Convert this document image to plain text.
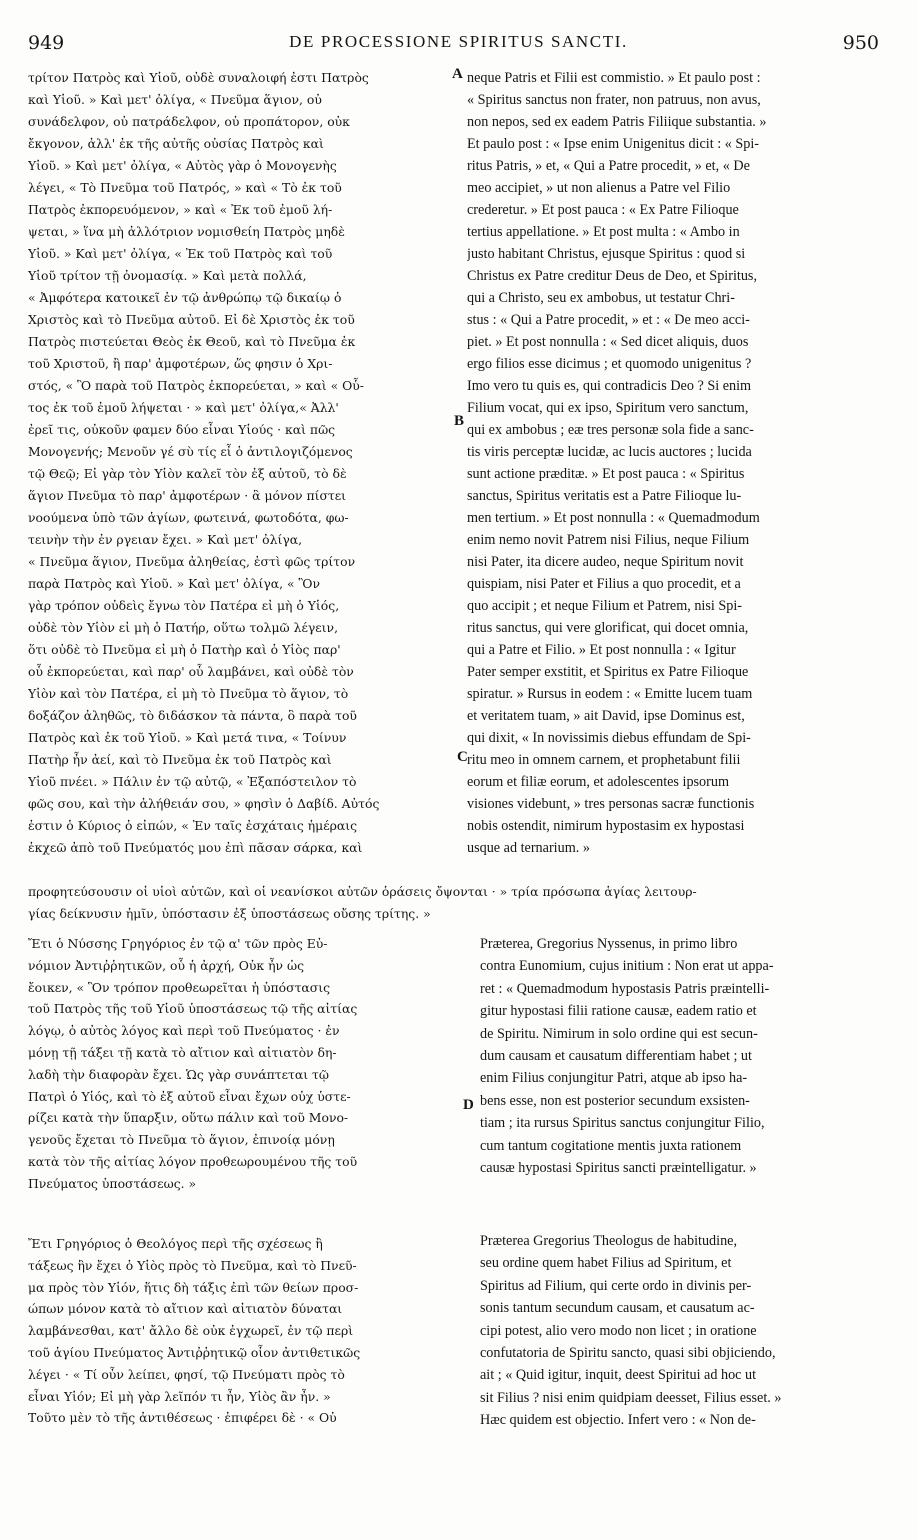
949	DE PROCESSIONE SPIRITUS SANCTI.	950
τρίτον Πατρὸς καὶ Υἱοῦ, οὐδὲ συναλοιφή ἐστι Πατρὸς
καὶ Υἱοῦ. » Καὶ μετ' ὀλίγα, « Πνεῦμα ἅγιον, οὐ
συνάδελφον, οὐ πατράδελφον, οὐ προπάτορον, οὐκ
ἔκγονον, ἀλλ' ἐκ τῆς αὐτῆς οὐσίας Πατρὸς καὶ
Υἱοῦ. » Καὶ μετ' ὀλίγα, « Αὐτὸς γὰρ ὁ Μονογενὴς
λέγει, « Τὸ Πνεῦμα τοῦ Πατρός, » καὶ « Τὸ ἐκ τοῦ
Πατρὸς ἐκπορευόμενον, » καὶ « Ἐκ τοῦ ἐμοῦ λή-
ψεται, » ἵνα μὴ ἀλλότριον νομισθείη Πατρὸς μηδὲ
Υἱοῦ. » Καὶ μετ' ὀλίγα, « Ἐκ τοῦ Πατρὸς καὶ τοῦ
Υἱοῦ τρίτον τῇ ὀνομασίᾳ. » Καὶ μετὰ πολλά,
« Ἀμφότερα κατοικεῖ ἐν τῷ ἀνθρώπῳ τῷ δικαίῳ ὁ
Χριστὸς καὶ τὸ Πνεῦμα αὐτοῦ. Εἰ δὲ Χριστὸς ἐκ τοῦ
Πατρὸς πιστεύεται Θεὸς ἐκ Θεοῦ, καὶ τὸ Πνεῦμα ἐκ
τοῦ Χριστοῦ, ἢ παρ' ἀμφοτέρων, ὥς φησιν ὁ Χρι-
στός, « Ὃ παρὰ τοῦ Πατρὸς ἐκπορεύεται, » καὶ « Οὗ-
τος ἐκ τοῦ ἐμοῦ λήψεται · » καὶ μετ' ὀλίγα,« Ἀλλ'
ἐρεῖ τις, οὐκοῦν φαμεν δύο εἶναι Υἱούς · καὶ πῶς
Μονογενής; Μενοῦν γέ σὺ τίς εἶ ὁ ἀντιλογιζόμενος
τῷ Θεῷ; Εἰ γὰρ τὸν Υἱὸν καλεῖ τὸν ἐξ αὐτοῦ, τὸ δὲ
ἅγιον Πνεῦμα τὸ παρ' ἀμφοτέρων · ἃ μόνον πίστει
νοούμενα ὑπὸ τῶν ἁγίων, φωτεινά, φωτοδότα, φω-
τεινὴν τὴν ἐν ργειαν ἔχει. » Καὶ μετ' ὀλίγα,
« Πνεῦμα ἅγιον, Πνεῦμα ἀληθείας, ἐστὶ φῶς τρίτον
παρὰ Πατρὸς καὶ Υἱοῦ. » Καὶ μετ' ὀλίγα, « Ὃν
γὰρ τρόπον οὐδεὶς ἔγνω τὸν Πατέρα εἰ μὴ ὁ Υἱός,
οὐδὲ τὸν Υἱὸν εἰ μὴ ὁ Πατήρ, οὕτω τολμῶ λέγειν,
ὅτι οὐδὲ τὸ Πνεῦμα εἰ μὴ ὁ Πατὴρ καὶ ὁ Υἱὸς παρ'
οὗ ἐκπορεύεται, καὶ παρ' οὗ λαμβάνει, καὶ οὐδὲ τὸν
Υἱὸν καὶ τὸν Πατέρα, εἰ μὴ τὸ Πνεῦμα τὸ ἅγιον, τὸ
δοξάζον ἀληθῶς, τὸ διδάσκον τὰ πάντα, ὃ παρὰ τοῦ
Πατρὸς καὶ ἐκ τοῦ Υἱοῦ. » Καὶ μετά τινα, « Τοίνυν
Πατὴρ ἦν ἀεί, καὶ τὸ Πνεῦμα ἐκ τοῦ Πατρὸς καὶ
Υἱοῦ πνέει. » Πάλιν ἐν τῷ αὐτῷ, « Ἐξαπόστειλον τὸ
φῶς σου, καὶ τὴν ἀλήθειάν σου, » φησὶν ὁ Δαβίδ. Αὐτός
ἐστιν ὁ Κύριος ὁ εἰπών, « Ἐν ταῖς ἐσχάταις ἡμέραις
ἐκχεῶ ἀπὸ τοῦ Πνεύματός μου ἐπὶ πᾶσαν σάρκα, καὶ
neque Patris et Filii est commistio. » Et paulo post :
« Spiritus sanctus non frater, non patruus, non avus,
non nepos, sed ex eadem Patris Filiique substantia. »
Et paulo post : « Ipse enim Unigenitus dicit : « Spi-
ritus Patris, » et, « Qui a Patre procedit, » et, « De
meo accipiet, » ut non alienus a Patre vel Filio
crederetur. » Et post pauca : « Ex Patre Filioque
tertius appellatione. » Et post multa : « Ambo in
justo habitant Christus, ejusque Spiritus : quod si
Christus ex Patre creditur Deus de Deo, et Spiritus,
qui a Christo, seu ex ambobus, ut testatur Chri-
stus : « Qui a Patre procedit, » et : « De meo acci-
piet. » Et post nonnulla : « Sed dicet aliquis, duos
ergo filios esse dicimus ; et quomodo unigenitus ?
Imo vero tu quis es, qui contradicis Deo ? Si enim
Filium vocat, qui ex ipso, Spiritum vero sanctum,
qui ex ambobus ; eæ tres personæ sola fide a sanc-
tis viris perceptæ lucidæ, ac lucis auctores ; lucida
sunt actione præditæ. » Et post pauca : « Spiritus
sanctus, Spiritus veritatis est a Patre Filioque lu-
men tertium. » Et post nonnulla : « Quemadmodum
enim nemo novit Patrem nisi Filius, neque Filium
nisi Pater, ita dicere audeo, neque Spiritum novit
quispiam, nisi Pater et Filius a quo procedit, et a
quo accipit ; et neque Filium et Patrem, nisi Spi-
ritus sanctus, qui vere glorificat, qui docet omnia,
qui a Patre et Filio. » Et post nonnulla : « Igitur
Pater semper exstitit, et Spiritus ex Patre Filioque
spiratur. » Rursus in eodem : « Emitte lucem tuam
et veritatem tuam, » ait David, ipse Dominus est,
qui dixit, « In novissimis diebus effundam de Spi-
ritu meo in omnem carnem, et prophetabunt filii
eorum et filiæ eorum, et adolescentes ipsorum
visiones videbunt, » tres personas sacræ functionis
nobis ostendit, nimirum hypostasim ex hypostasi
usque ad ternarium. »
A
B
C
D
προφητεύσουσιν οἱ υἱοὶ αὐτῶν, καὶ οἱ νεανίσκοι αὐτῶν ὁράσεις ὄψονται · » τρία πρόσωπα ἁγίας λειτουρ-
γίας δείκνυσιν ἡμῖν, ὑπόστασιν ἐξ ὑποστάσεως οὔσης τρίτης. »
Ἔτι ὁ Νύσσης Γρηγόριος ἐν τῷ α' τῶν πρὸς Εὐ-
νόμιον Ἀντιῤῥητικῶν, οὗ ἡ ἀρχή, Οὐκ ἦν ὡς
ἔοικεν, « Ὃν τρόπον προθεωρεῖται ἡ ὑπόστασις
τοῦ Πατρὸς τῆς τοῦ Υἱοῦ ὑποστάσεως τῷ τῆς αἰτίας
λόγῳ, ὁ αὐτὸς λόγος καὶ περὶ τοῦ Πνεύματος · ἐν
μόνῃ τῇ τάξει τῇ κατὰ τὸ αἴτιον καὶ αἰτιατὸν δη-
λαδὴ τὴν διαφορὰν ἔχει. Ὡς γὰρ συνάπτεται τῷ
Πατρὶ ὁ Υἱός, καὶ τὸ ἐξ αὐτοῦ εἶναι ἔχων οὐχ ὑστε-
ρίζει κατὰ τὴν ὕπαρξιν, οὕτω πάλιν καὶ τοῦ Μονο-
γενοῦς ἔχεται τὸ Πνεῦμα τὸ ἅγιον, ἐπινοίᾳ μόνῃ
κατὰ τὸν τῆς αἰτίας λόγον προθεωρουμένου τῆς τοῦ
Πνεύματος ὑποστάσεως. »
Præterea, Gregorius Nyssenus, in primo libro
contra Eunomium, cujus initium : Non erat ut appa-
ret : « Quemadmodum hypostasis Patris præintelli-
gitur hypostasi filii ratione causæ, eadem ratio et
de Spiritu. Nimirum in solo ordine qui est secun-
dum causam et causatum differentiam habet ; ut
enim Filius conjungitur Patri, atque ab ipso ha-
bens esse, non est posterior secundum exsisten-
tiam ; ita rursus Spiritus sanctus conjungitur Filio,
cum tantum cogitatione mentis juxta rationem
causæ hypostasi Spiritus sancti præintelligatur. »
Ἔτι Γρηγόριος ὁ Θεολόγος περὶ τῆς σχέσεως ἢ
τάξεως ἣν ἔχει ὁ Υἱὸς πρὸς τὸ Πνεῦμα, καὶ τὸ Πνεῦ-
μα πρὸς τὸν Υἱόν, ἥτις δὴ τάξις ἐπὶ τῶν θείων προσ-
ώπων μόνον κατὰ τὸ αἴτιον καὶ αἰτιατὸν δύναται
λαμβάνεσθαι, κατ' ἄλλο δὲ οὐκ ἐγχωρεῖ, ἐν τῷ περὶ
τοῦ ἁγίου Πνεύματος Ἀντιῤῥητικῷ οἷον ἀντιθετικῶς
λέγει · « Τί οὖν λείπει, φησί, τῷ Πνεύματι πρὸς τὸ
εἶναι Υἱόν; Εἰ μὴ γὰρ λεῖπόν τι ἦν, Υἱὸς ἂν ἦν. »
Τοῦτο μὲν τὸ τῆς ἀντιθέσεως · ἐπιφέρει δὲ · « Οὐ
Præterea Gregorius Theologus de habitudine,
seu ordine quem habet Filius ad Spiritum, et
Spiritus ad Filium, qui certe ordo in divinis per-
sonis tantum secundum causam, et causatum ac-
cipi potest, alio vero modo non licet ; in oratione
confutatoria de Spiritu sancto, quasi sibi objiciendo,
ait ; « Quid igitur, inquit, deest Spiritui ad hoc ut
sit Filius ? nisi enim quidpiam deesset, Filius esset. »
Hæc quidem est objectio. Infert vero : « Non de-
